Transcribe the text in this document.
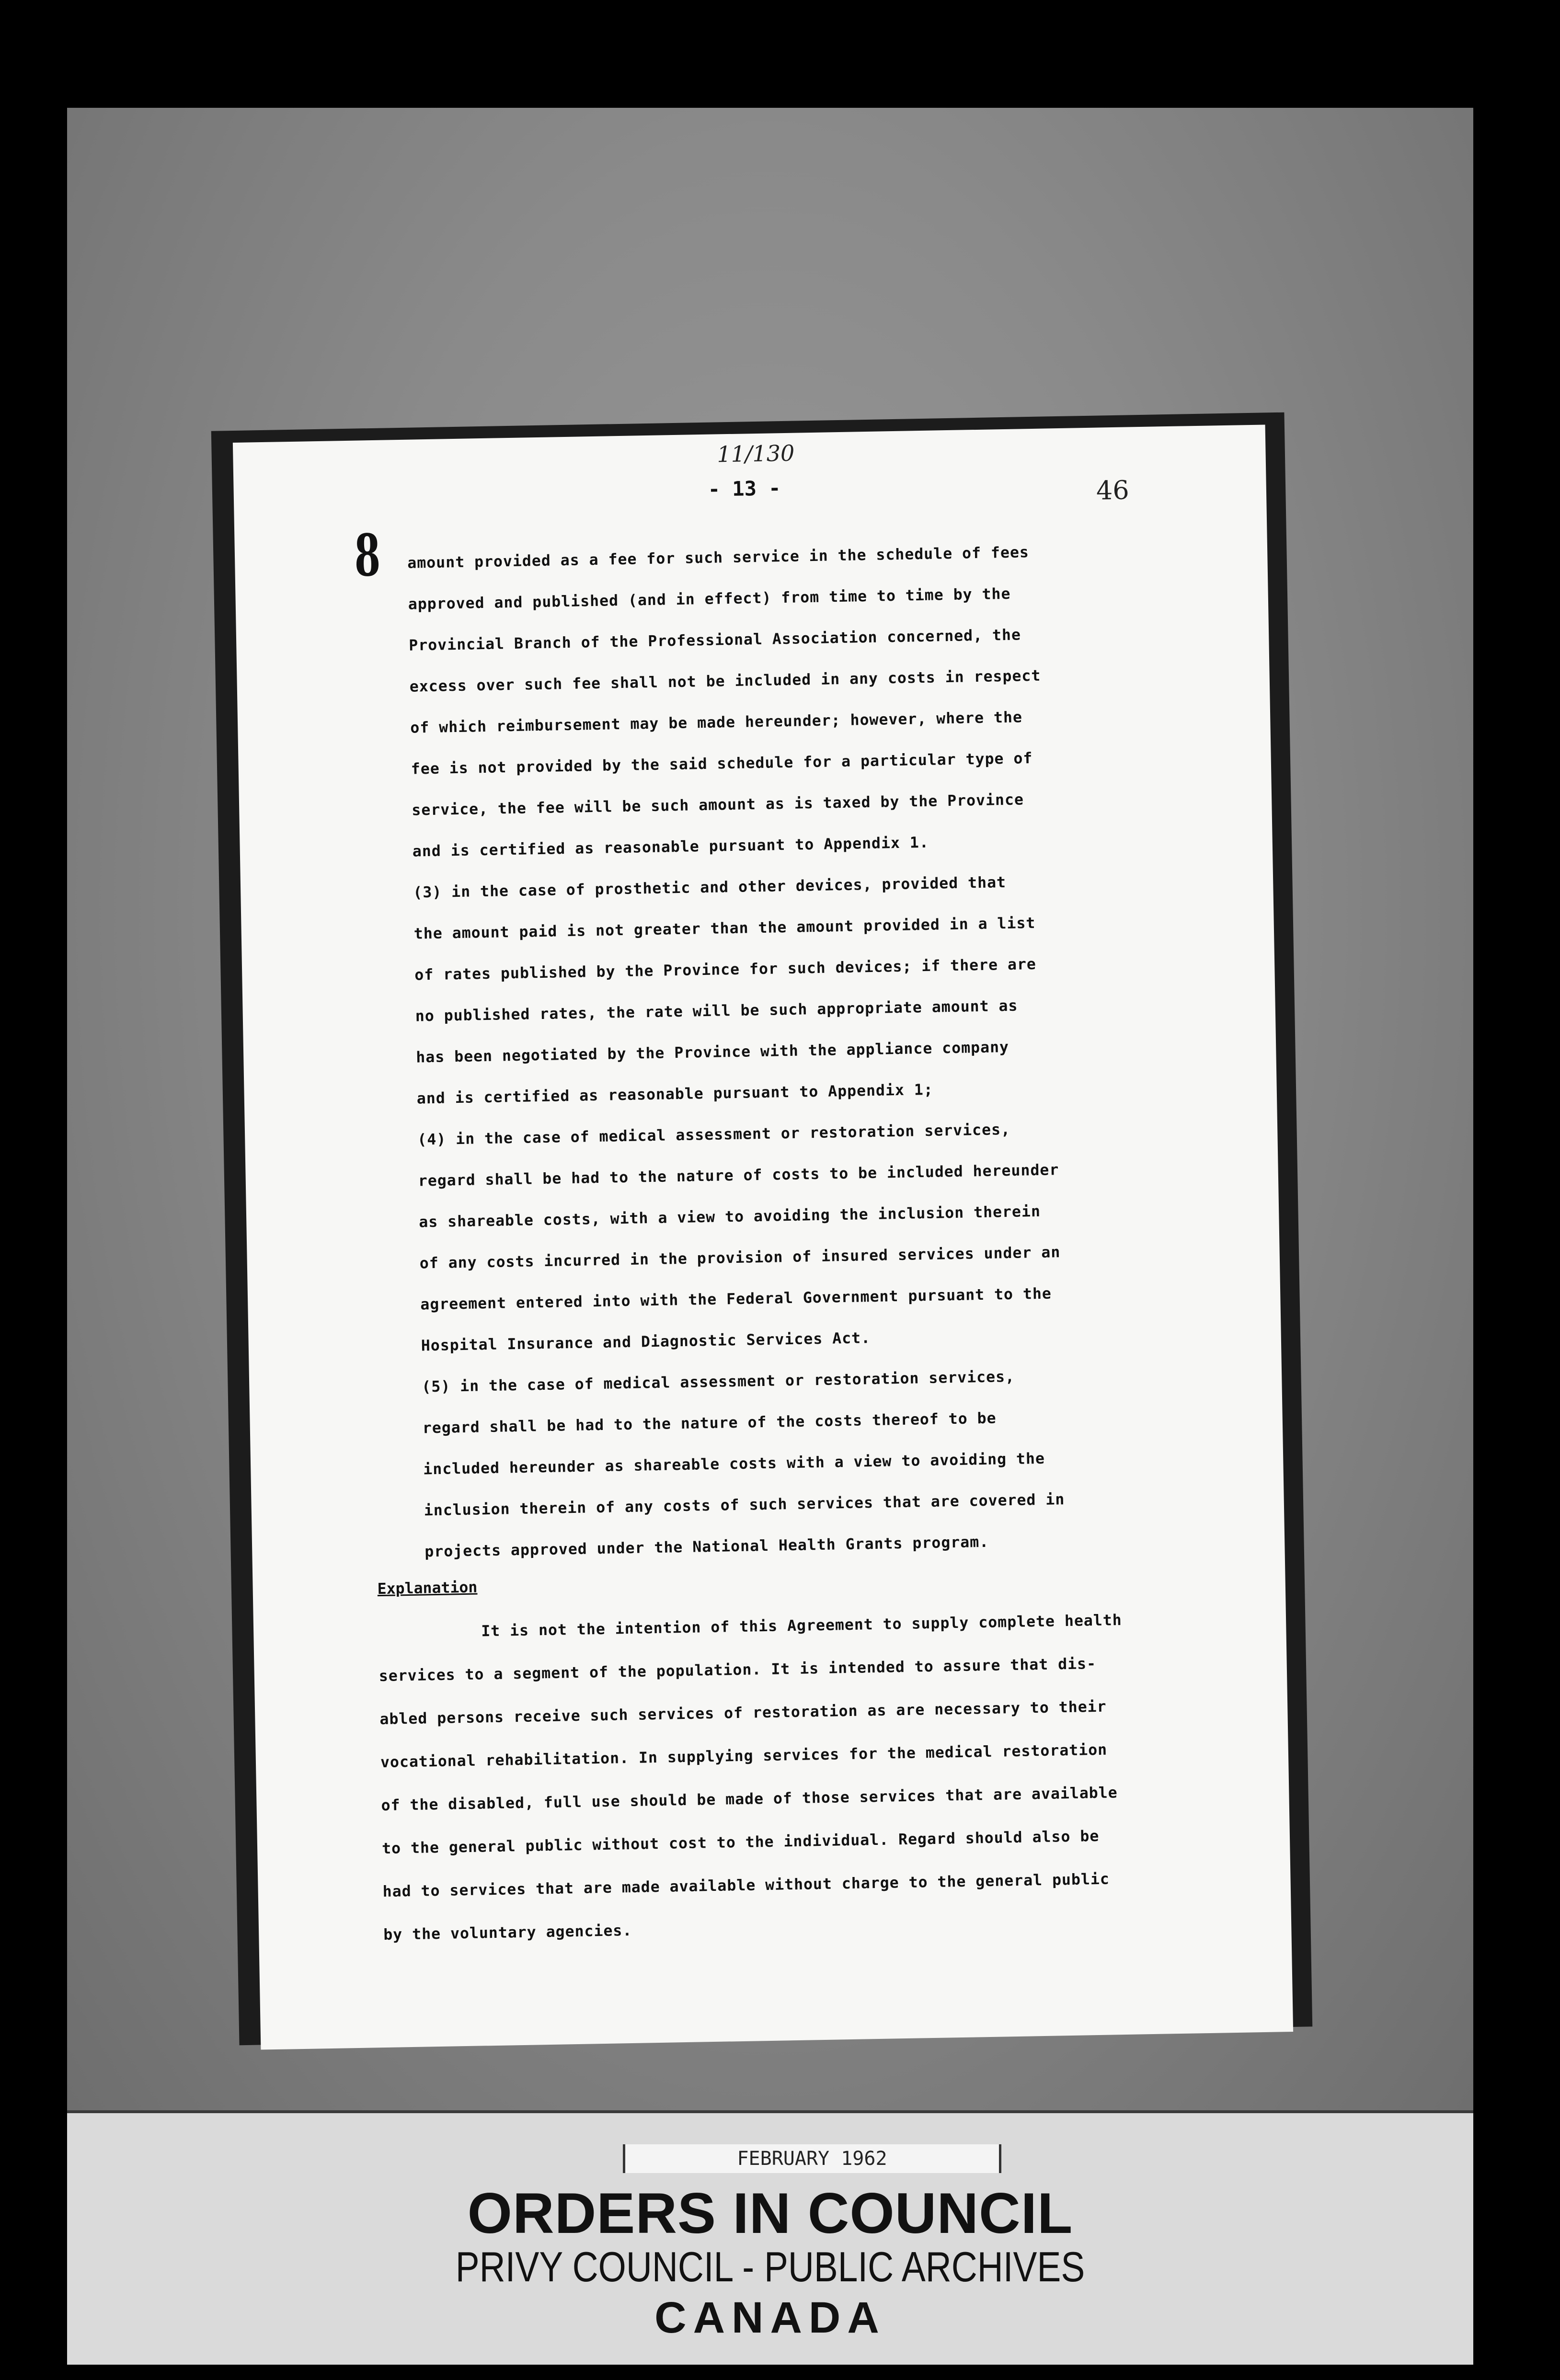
11/130
- 13 -	46
8 amount provided as a fee for such service in the schedule of fees
approved and published (and in effect) from time to time by the
Provincial Branch of the Professional Association concerned, the
excess over such fee shall not be included in any costs in respect
of which reimbursement may be made hereunder; however, where the
fee is not provided by the said schedule for a particular type of
service, the fee will be such amount as is taxed by the Province
and is certified as reasonable pursuant to Appendix 1.
(3) in the case of prosthetic and other devices, provided that
the amount paid is not greater than the amount provided in a list
of rates published by the Province for such devices; if there are
no published rates, the rate will be such appropriate amount as
has been negotiated by the Province with the appliance company
and is certified as reasonable pursuant to Appendix 1;
(4) in the case of medical assessment or restoration services,
regard shall be had to the nature of costs to be included hereunder
as shareable costs, with a view to avoiding the inclusion therein
of any costs incurred in the provision of insured services under an
agreement entered into with the Federal Government pursuant to the
Hospital Insurance and Diagnostic Services Act.
(5) in the case of medical assessment or restoration services,
regard shall be had to the nature of the costs thereof to be
included hereunder as shareable costs with a view to avoiding the
inclusion therein of any costs of such services that are covered in
projects approved under the National Health Grants program.
Explanation
It is not the intention of this Agreement to supply complete health
services to a segment of the population. It is intended to assure that dis-
abled persons receive such services of restoration as are necessary to their
vocational rehabilitation. In supplying services for the medical restoration
of the disabled, full use should be made of those services that are available
to the general public without cost to the individual. Regard should also be
had to services that are made available without charge to the general public
by the voluntary agencies.
FEBRUARY 1962
ORDERS IN COUNCIL
PRIVY COUNCIL - PUBLIC ARCHIVES
CANADA
